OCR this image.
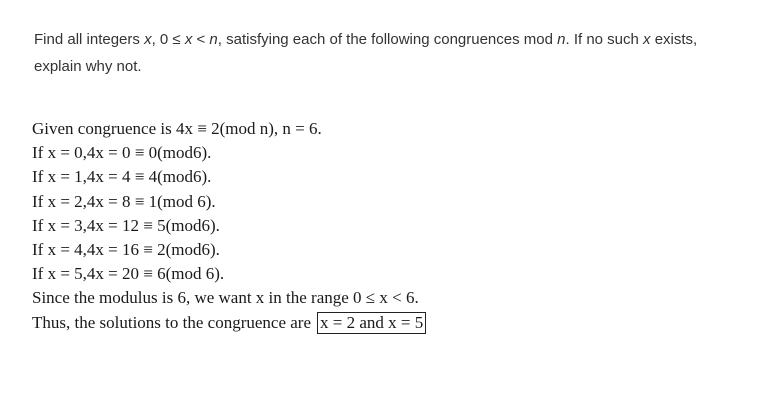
Find all integers x, 0 ≤ x < n, satisfying each of the following congruences mod n. If no such x exists, explain why not.
Given congruence is 4x ≡ 2(mod n), n = 6.
If x = 0,4x = 0 ≡ 0(mod6).
If x = 1,4x = 4 ≡ 4(mod6).
If x = 2,4x = 8 ≡ 1(mod 6).
If x = 3,4x = 12 ≡ 5(mod6).
If x = 4,4x = 16 ≡ 2(mod6).
If x = 5,4x = 20 ≡ 6(mod 6).
Since the modulus is 6, we want x in the range 0 ≤ x < 6.
Thus, the solutions to the congruence are x = 2 and x = 5
